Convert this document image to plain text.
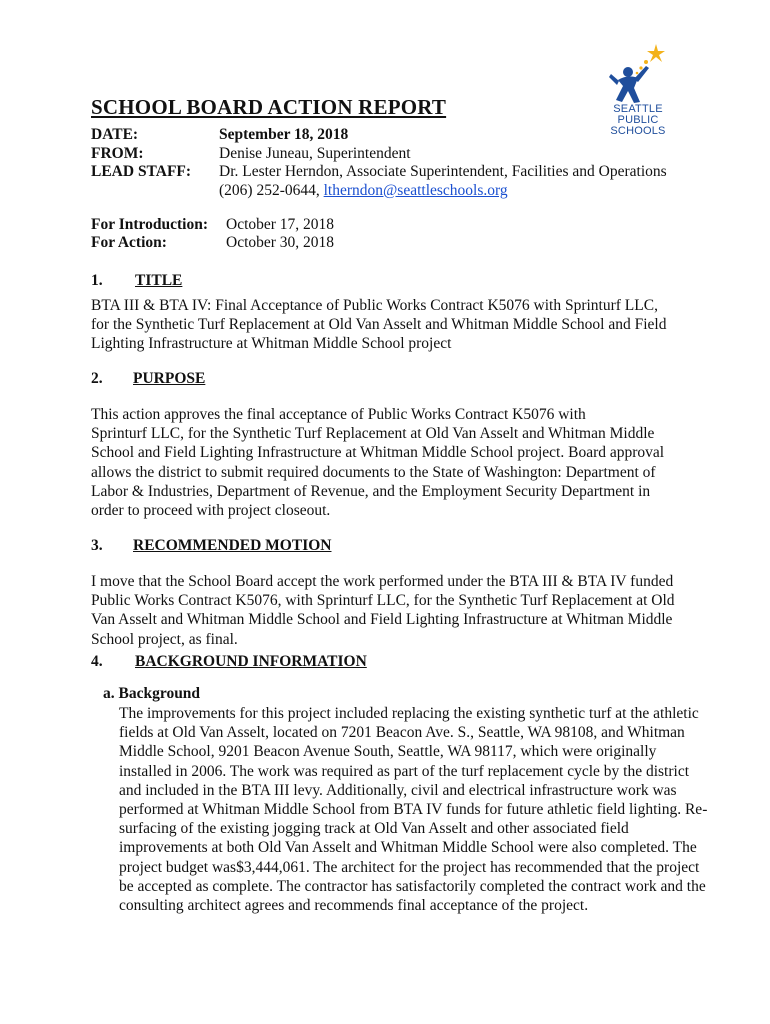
SEATTLE
PUBLIC
SCHOOLS
SCHOOL BOARD ACTION REPORT
DATE:	September 18, 2018
FROM:	Denise Juneau, Superintendent
LEAD STAFF: Dr. Lester Herndon, Associate Superintendent, Facilities and Operations
(206) 252-0644, ltherndon@seattleschools.org
For Introduction: October 17, 2018
For Action:	October 30, 2018
1. TITLE
BTA III & BTA IV: Final Acceptance of Public Works Contract K5076 with Sprinturf LLC,
for the Synthetic Turf Replacement at Old Van Asselt and Whitman Middle School and Field
Lighting Infrastructure at Whitman Middle School project
2. PURPOSE
This action approves the final acceptance of Public Works Contract K5076 with
Sprinturf LLC, for the Synthetic Turf Replacement at Old Van Asselt and Whitman Middle
School and Field Lighting Infrastructure at Whitman Middle School project. Board approval
allows the district to submit required documents to the State of Washington: Department of
Labor & Industries, Department of Revenue, and the Employment Security Department in
order to proceed with project closeout.
3. RECOMMENDED MOTION
I move that the School Board accept the work performed under the BTA III & BTA IV funded
Public Works Contract K5076, with Sprinturf LLC, for the Synthetic Turf Replacement at Old
Van Asselt and Whitman Middle School and Field Lighting Infrastructure at Whitman Middle
School project, as final.
4. BACKGROUND INFORMATION
a. Background
The improvements for this project included replacing the existing synthetic turf at the athletic
fields at Old Van Asselt, located on 7201 Beacon Ave. S., Seattle, WA 98108, and Whitman
Middle School, 9201 Beacon Avenue South, Seattle, WA 98117, which were originally
installed in 2006. The work was required as part of the turf replacement cycle by the district
and included in the BTA III levy. Additionally, civil and electrical infrastructure work was
performed at Whitman Middle School from BTA IV funds for future athletic field lighting. Re-
surfacing of the existing jogging track at Old Van Asselt and other associated field
improvements at both Old Van Asselt and Whitman Middle School were also completed. The
project budget was$3,444,061. The architect for the project has recommended that the project
be accepted as complete. The contractor has satisfactorily completed the contract work and the
consulting architect agrees and recommends final acceptance of the project.
